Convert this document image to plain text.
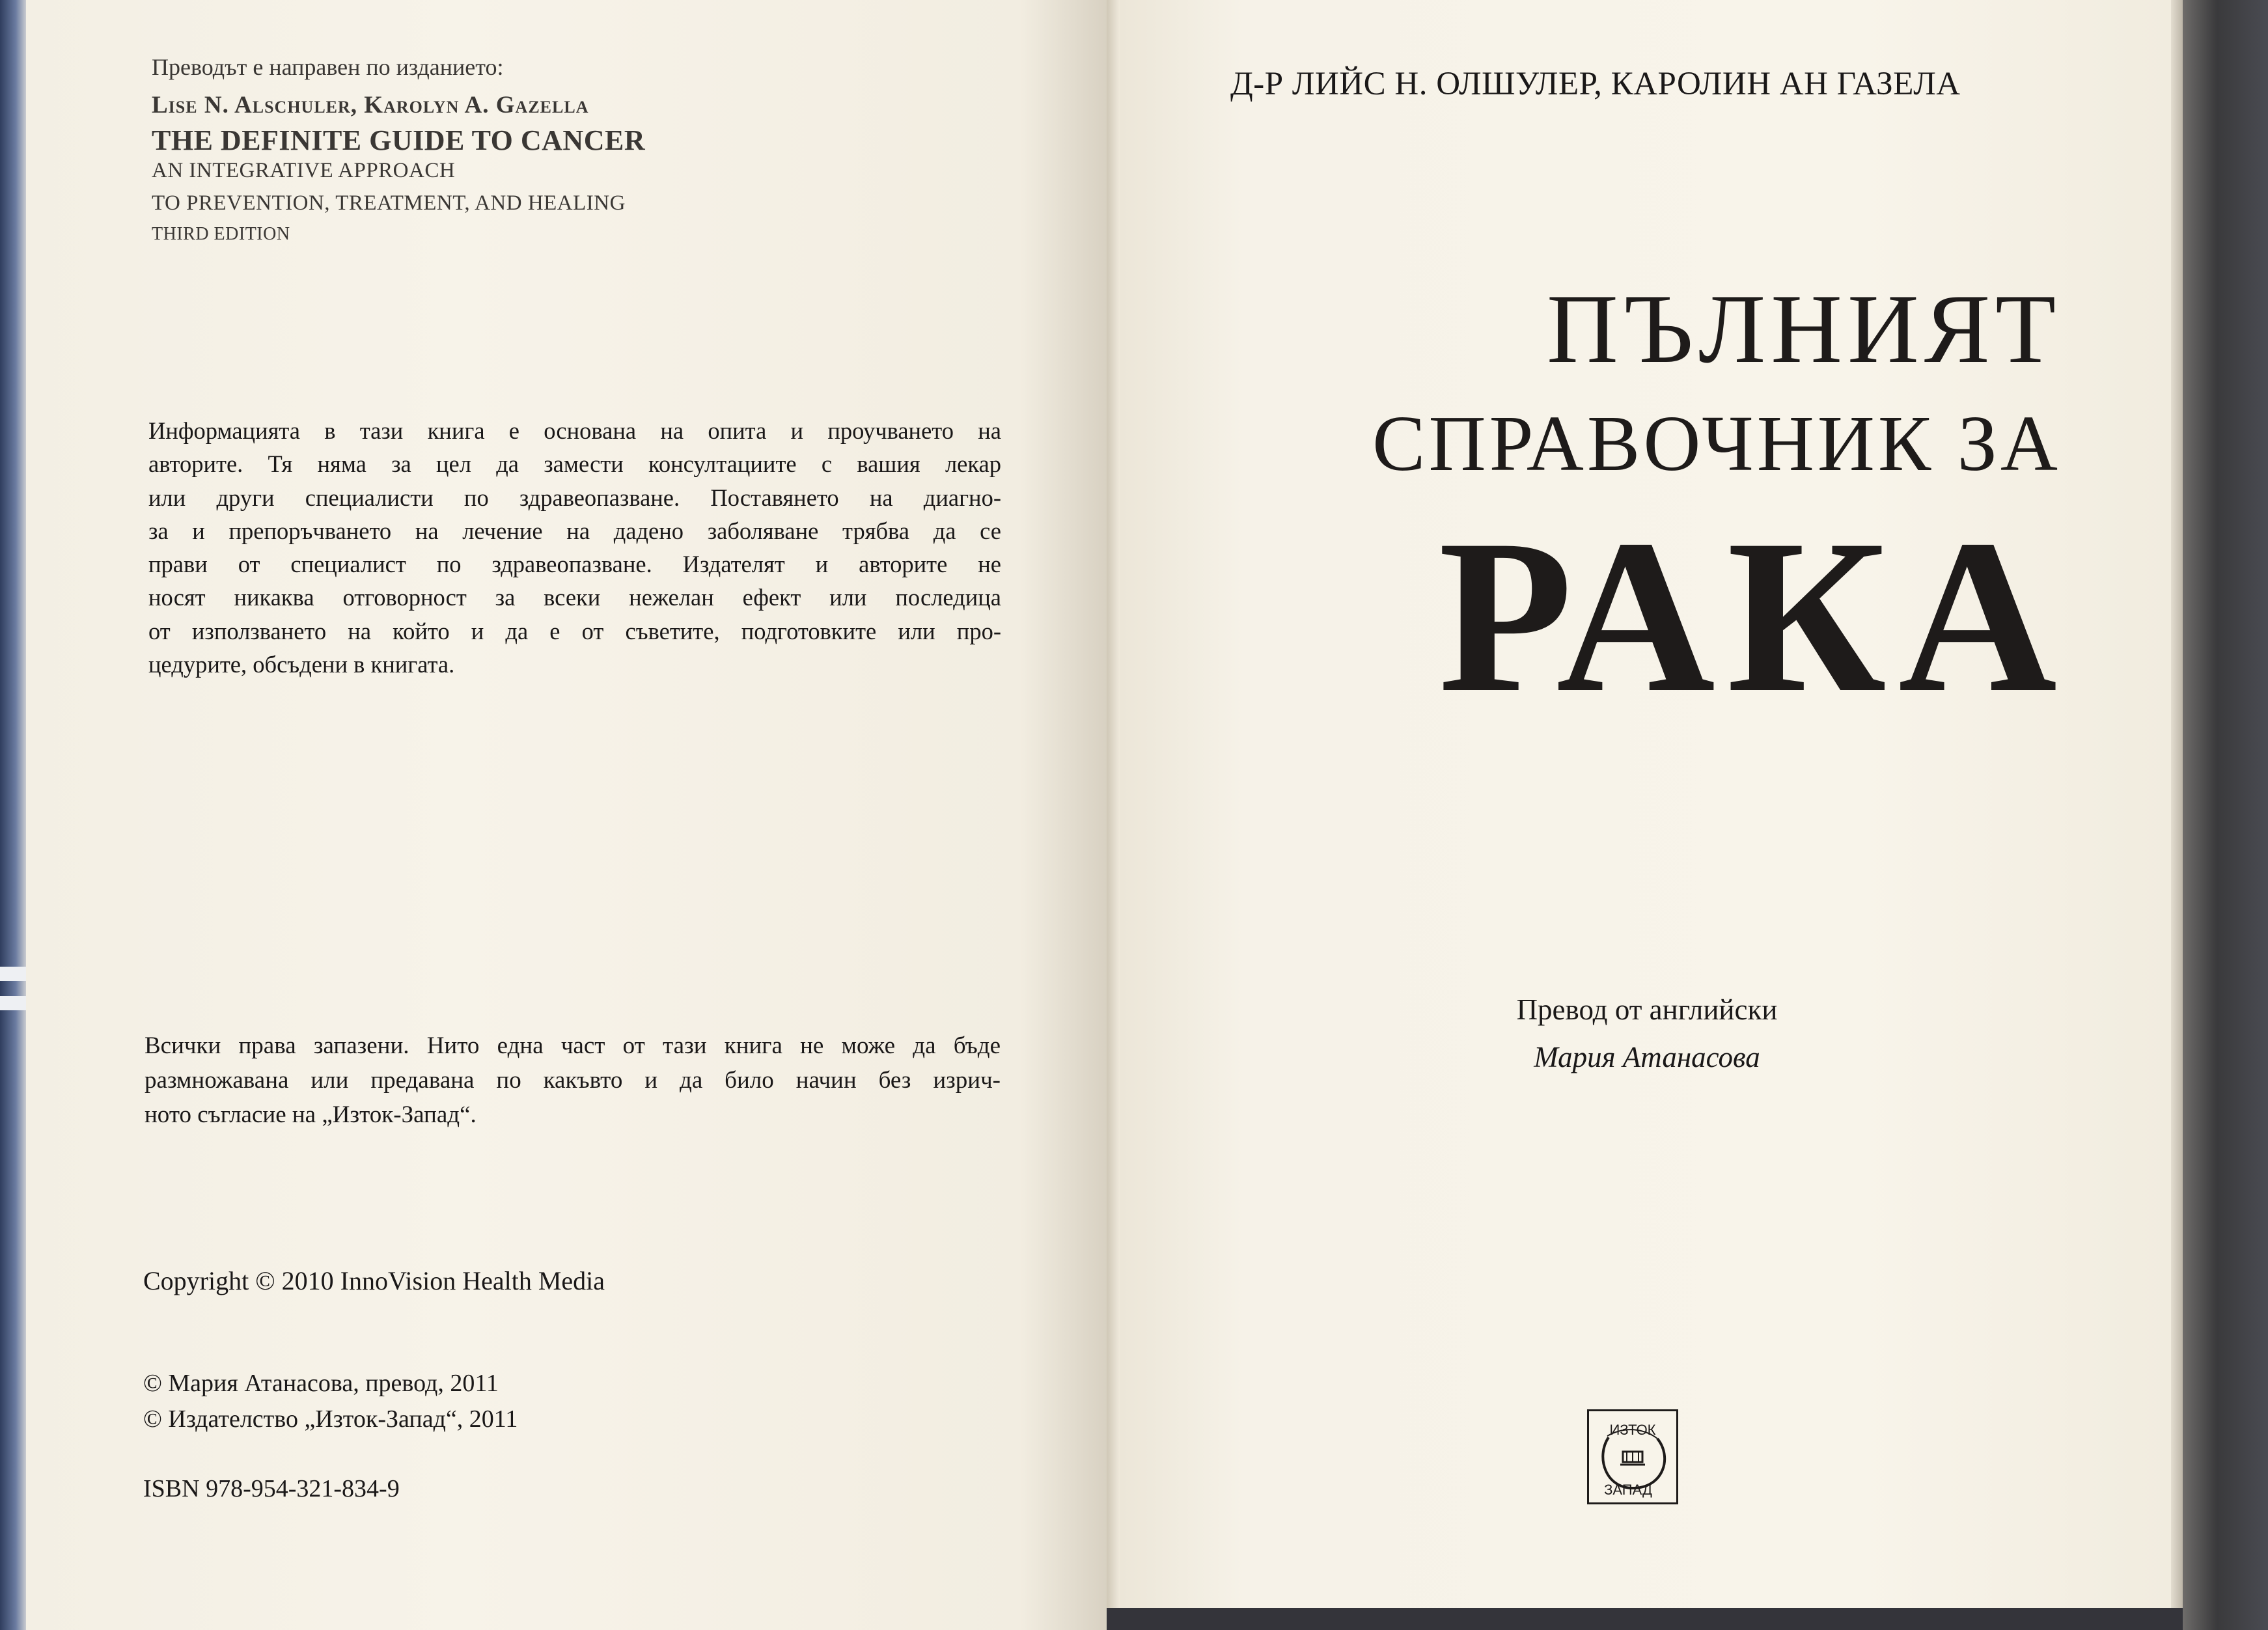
Преводът е направен по изданието:
Lise N. Alschuler, Karolyn A. Gazella
THE DEFINITE GUIDE TO CANCER
AN INTEGRATIVE APPROACH
TO PREVENTION, TREATMENT, AND HEALING
THIRD EDITION
Информацията в тази книга е основана на опита и проучването на
авторите. Тя няма за цел да замести консултациите с вашия лекар
или други специалисти по здравеопазване. Поставянето на диагно-
за и препоръчването на лечение на дадено заболяване трябва да се
прави от специалист по здравеопазване. Издателят и авторите не
носят никаква отговорност за всеки нежелан ефект или последица
от използването на който и да е от съветите, подготовките или про-
цедурите, обсъдени в книгата.
Всички права запазени. Нито една част от тази книга не може да бъде
размножавана или предавана по какъвто и да било начин без изрич-
ното съгласие на „Изток-Запад“.
Copyright © 2010 InnoVision Health Media
© Мария Атанасова, превод, 2011
© Издателство „Изток-Запад“, 2011
ISBN 978-954-321-834-9
Д-Р ЛИЙС Н. ОЛШУЛЕР, КАРОЛИН АН ГАЗЕЛА
ПЪЛНИЯТ
СПРАВОЧНИК ЗА
РАКА
Превод от английски
Мария Атанасова
ИЗТОК
ЗАПАД
